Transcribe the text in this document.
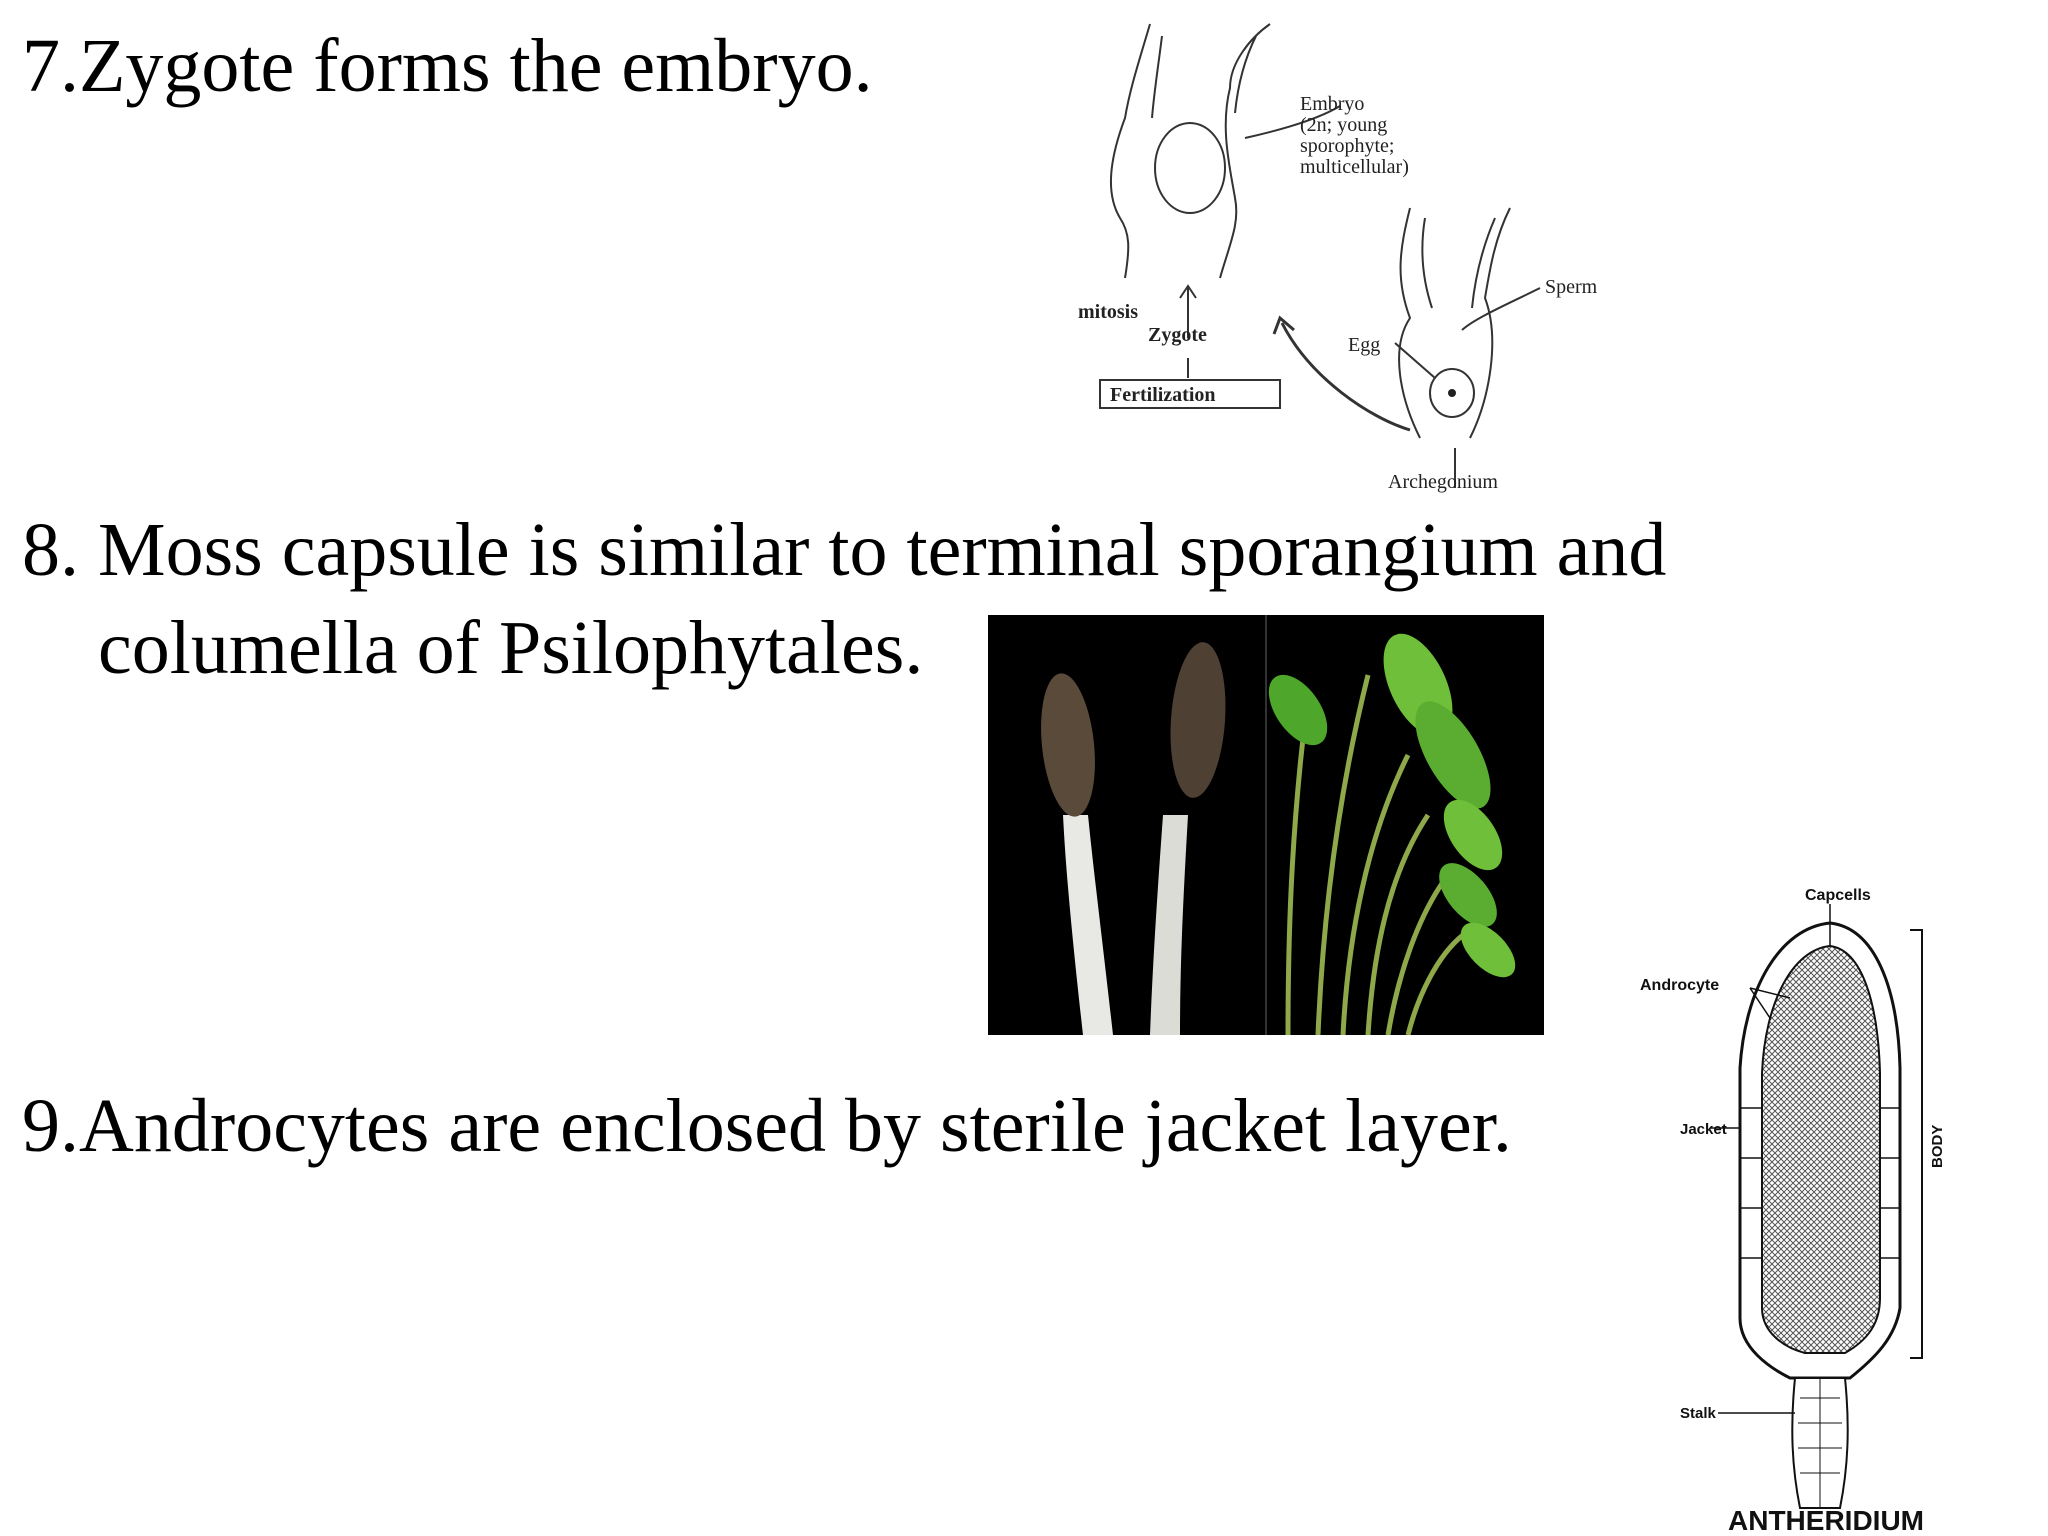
7.Zygote forms the embryo.
8. Moss capsule is similar to terminal sporangium and
columella of Psilophytales.
9.Androcytes are enclosed by sterile jacket layer.
Embryo (2n; young sporophyte; multicellular)
mitosis
Zygote
Fertilization
Egg
Sperm
Archegonium
Capcells
Androcyte
Jacket	BODY
Stalk
ANTHERIDIUM
